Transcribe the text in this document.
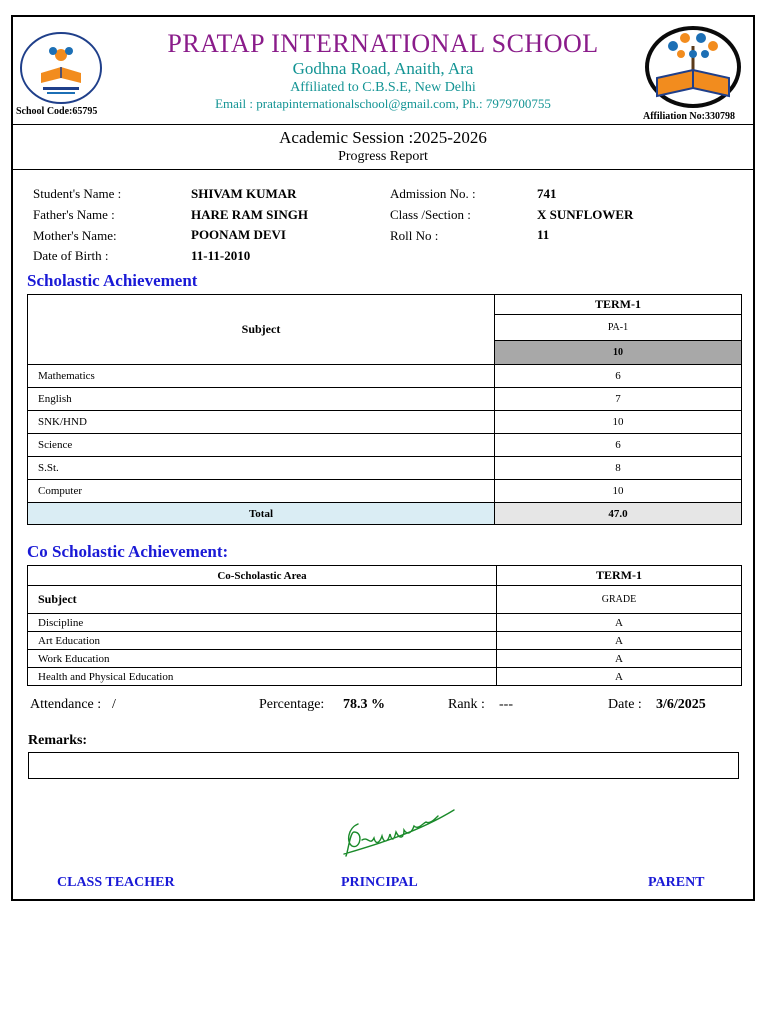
School Code:65795	Affiliation No:330798
PRATAP INTERNATIONAL SCHOOL
Godhna Road, Anaith, Ara
Affiliated to C.B.S.E, New Delhi
Email : pratapinternationalschool@gmail.com, Ph.: 7979700755
Academic Session :2025-2026
Progress Report
Student's Name :	SHIVAM KUMAR
Father's Name :	HARE RAM SINGH
Mother's Name:	POONAM DEVI
Date of Birth :	11-11-2010
Admission No. :	741
Class /Section :	X SUNFLOWER
Roll No :	11
Scholastic Achievement
Subject	TERM-1
	PA-1
	10
Mathematics	6
English	7
SNK/HND	10
Science	6
S.St.	8
Computer	10
Total	47.0
Co Scholastic Achievement:
Co-Scholastic Area	TERM-1
Subject	GRADE
Discipline	A
Art Education	A
Work Education	A
Health and Physical Education	A
Attendance : /	Percentage: 78.3 %	Rank : ---	Date : 3/6/2025
Remarks:
CLASS TEACHER	PRINCIPAL	PARENT
